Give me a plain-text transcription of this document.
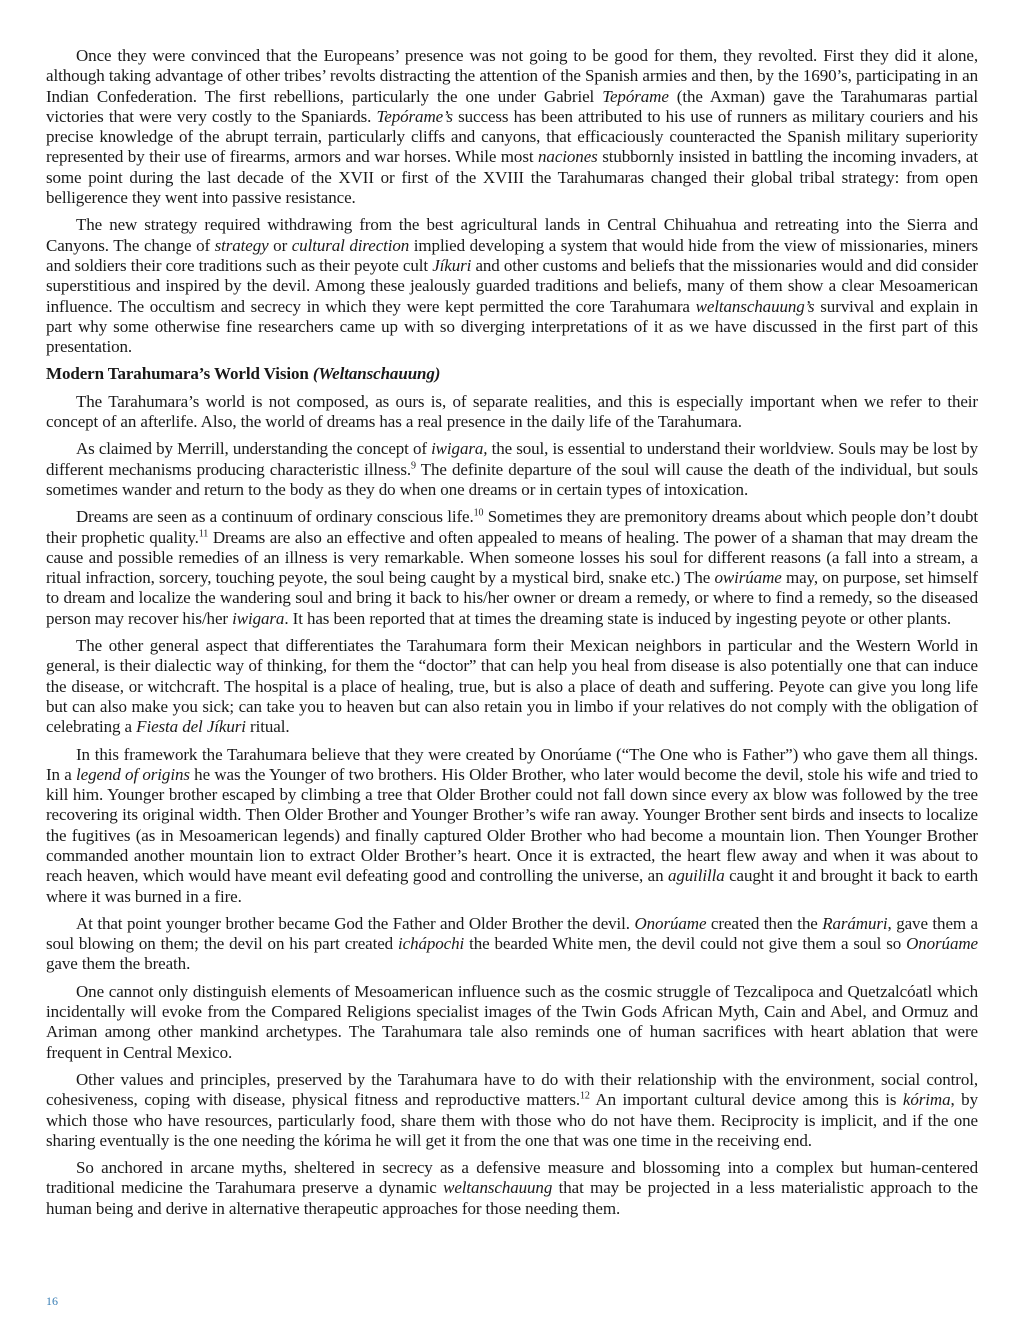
Once they were convinced that the Europeans’ presence was not going to be good for them, they revolted. First they did it alone, although taking advantage of other tribes’ revolts distracting the attention of the Spanish armies and then, by the 1690’s, participating in an Indian Confederation. The first rebellions, particularly the one under Gabriel Tepórame (the Axman) gave the Tarahumaras partial victories that were very costly to the Spaniards. Tepórame’s success has been attributed to his use of runners as military couriers and his precise knowledge of the abrupt terrain, particularly cliffs and canyons, that efficaciously counteracted the Spanish military superiority represented by their use of firearms, armors and war horses. While most naciones stubbornly insisted in battling the incoming invaders, at some point during the last decade of the XVII or first of the XVIII the Tarahumaras changed their global tribal strategy: from open belligerence they went into passive resistance.

The new strategy required withdrawing from the best agricultural lands in Central Chihuahua and retreating into the Sierra and Canyons. The change of strategy or cultural direction implied developing a system that would hide from the view of missionaries, miners and soldiers their core traditions such as their peyote cult Jíkuri and other customs and beliefs that the missionaries would and did consider superstitious and inspired by the devil. Among these jealously guarded traditions and beliefs, many of them show a clear Mesoamerican influence. The occultism and secrecy in which they were kept permitted the core Tarahumara weltanschauung’s survival and explain in part why some otherwise fine researchers came up with so diverging interpretations of it as we have discussed in the first part of this presentation.

Modern Tarahumara’s World Vision (Weltanschauung)

The Tarahumara’s world is not composed, as ours is, of separate realities, and this is especially important when we refer to their concept of an afterlife. Also, the world of dreams has a real presence in the daily life of the Tarahumara.

As claimed by Merrill, understanding the concept of iwigara, the soul, is essential to understand their worldview. Souls may be lost by different mechanisms producing characteristic illness.$^9$ The definite departure of the soul will cause the death of the individual, but souls sometimes wander and return to the body as they do when one dreams or in certain types of intoxication.

Dreams are seen as a continuum of ordinary conscious life.$^{10}$ Sometimes they are premonitory dreams about which people don’t doubt their prophetic quality.$^{11}$ Dreams are also an effective and often appealed to means of healing. The power of a shaman that may dream the cause and possible remedies of an illness is very remarkable. When someone losses his soul for different reasons (a fall into a stream, a ritual infraction, sorcery, touching peyote, the soul being caught by a mystical bird, snake etc.) The owirúame may, on purpose, set himself to dream and localize the wandering soul and bring it back to his/her owner or dream a remedy, or where to find a remedy, so the diseased person may recover his/her iwigara. It has been reported that at times the dreaming state is induced by ingesting peyote or other plants.

The other general aspect that differentiates the Tarahumara form their Mexican neighbors in particular and the Western World in general, is their dialectic way of thinking, for them the “doctor” that can help you heal from disease is also potentially one that can induce the disease, or witchcraft. The hospital is a place of healing, true, but is also a place of death and suffering. Peyote can give you long life but can also make you sick; can take you to heaven but can also retain you in limbo if your relatives do not comply with the obligation of celebrating a Fiesta del Jíkuri ritual.

In this framework the Tarahumara believe that they were created by Onorúame (“The One who is Father”) who gave them all things. In a legend of origins he was the Younger of two brothers. His Older Brother, who later would become the devil, stole his wife and tried to kill him. Younger brother escaped by climbing a tree that Older Brother could not fall down since every ax blow was followed by the tree recovering its original width. Then Older Brother and Younger Brother’s wife ran away. Younger Brother sent birds and insects to localize the fugitives (as in Mesoamerican legends) and finally captured Older Brother who had become a mountain lion. Then Younger Brother commanded another mountain lion to extract Older Brother’s heart. Once it is extracted, the heart flew away and when it was about to reach heaven, which would have meant evil defeating good and controlling the universe, an aguililla caught it and brought it back to earth where it was burned in a fire.

At that point younger brother became God the Father and Older Brother the devil. Onorúame created then the Rarámuri, gave them a soul blowing on them; the devil on his part created ichápochi the bearded White men, the devil could not give them a soul so Onorúame gave them the breath.

One cannot only distinguish elements of Mesoamerican influence such as the cosmic struggle of Tezcalipoca and Quetzalcóatl which incidentally will evoke from the Compared Religions specialist images of the Twin Gods African Myth, Cain and Abel, and Ormuz and Ariman among other mankind archetypes. The Tarahumara tale also reminds one of human sacrifices with heart ablation that were frequent in Central Mexico.

Other values and principles, preserved by the Tarahumara have to do with their relationship with the environment, social control, cohesiveness, coping with disease, physical fitness and reproductive matters.$^{12}$ An important cultural device among this is kórima, by which those who have resources, particularly food, share them with those who do not have them. Reciprocity is implicit, and if the one sharing eventually is the one needing the kórima he will get it from the one that was one time in the receiving end.

So anchored in arcane myths, sheltered in secrecy as a defensive measure and blossoming into a complex but human-centered traditional medicine the Tarahumara preserve a dynamic weltanschauung that may be projected in a less materialistic approach to the human being and derive in alternative therapeutic approaches for those needing them.

16
